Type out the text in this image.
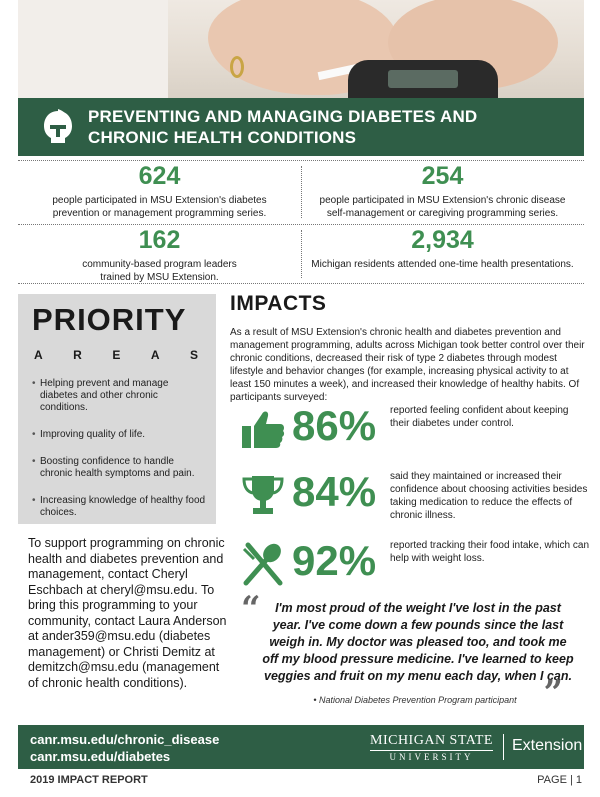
PREVENTING AND MANAGING DIABETES AND
CHRONIC HEALTH CONDITIONS
624
people participated in MSU Extension's diabetes
prevention or management programming series.
254
people participated in MSU Extension's chronic disease
self-management or caregiving programming series.
162
community-based program leaders
trained by MSU Extension.
2,934
Michigan residents attended one-time health presentations.
PRIORITY
A	R	E	A	S
• Helping prevent and manage diabetes and other chronic conditions.
• Improving quality of life.
• Boosting confidence to handle chronic health symptoms and pain.
• Increasing knowledge of healthy food choices.
To support programming on chronic health and diabetes prevention and management, contact Cheryl Eschbach at cheryl@msu.edu. To bring this programming to your community, contact Laura Anderson at ander359@msu.edu (diabetes management) or Christi Demitz at demitzch@msu.edu (management of chronic health conditions).
IMPACTS

As a result of MSU Extension's chronic health and diabetes prevention and management programming, adults across Michigan took better control over their chronic conditions, decreased their risk of type 2 diabetes through modest lifestyle and behavior changes (for example, increasing physical activity to at least 150 minutes a week), and increased their knowledge of healthy habits. Of participants surveyed:

86% reported feeling confident about keeping their diabetes under control.
84% said they maintained or increased their confidence about choosing activities besides taking medication to reduce the effects of chronic illness.
92% reported tracking their food intake, which can help with weight loss.
“	I'm most proud of the weight I've lost in the past year. I've come down a few pounds since the last weigh in. My doctor was pleased too, and took me off my blood pressure medicine. I've learned to keep veggies and fruit on my menu each day, when I can.
”
• National Diabetes Prevention Program participant
canr.msu.edu/chronic_disease
canr.msu.edu/diabetes
MICHIGAN STATE
UNIVERSITY
Extension
2019 IMPACT REPORT	PAGE | 1
